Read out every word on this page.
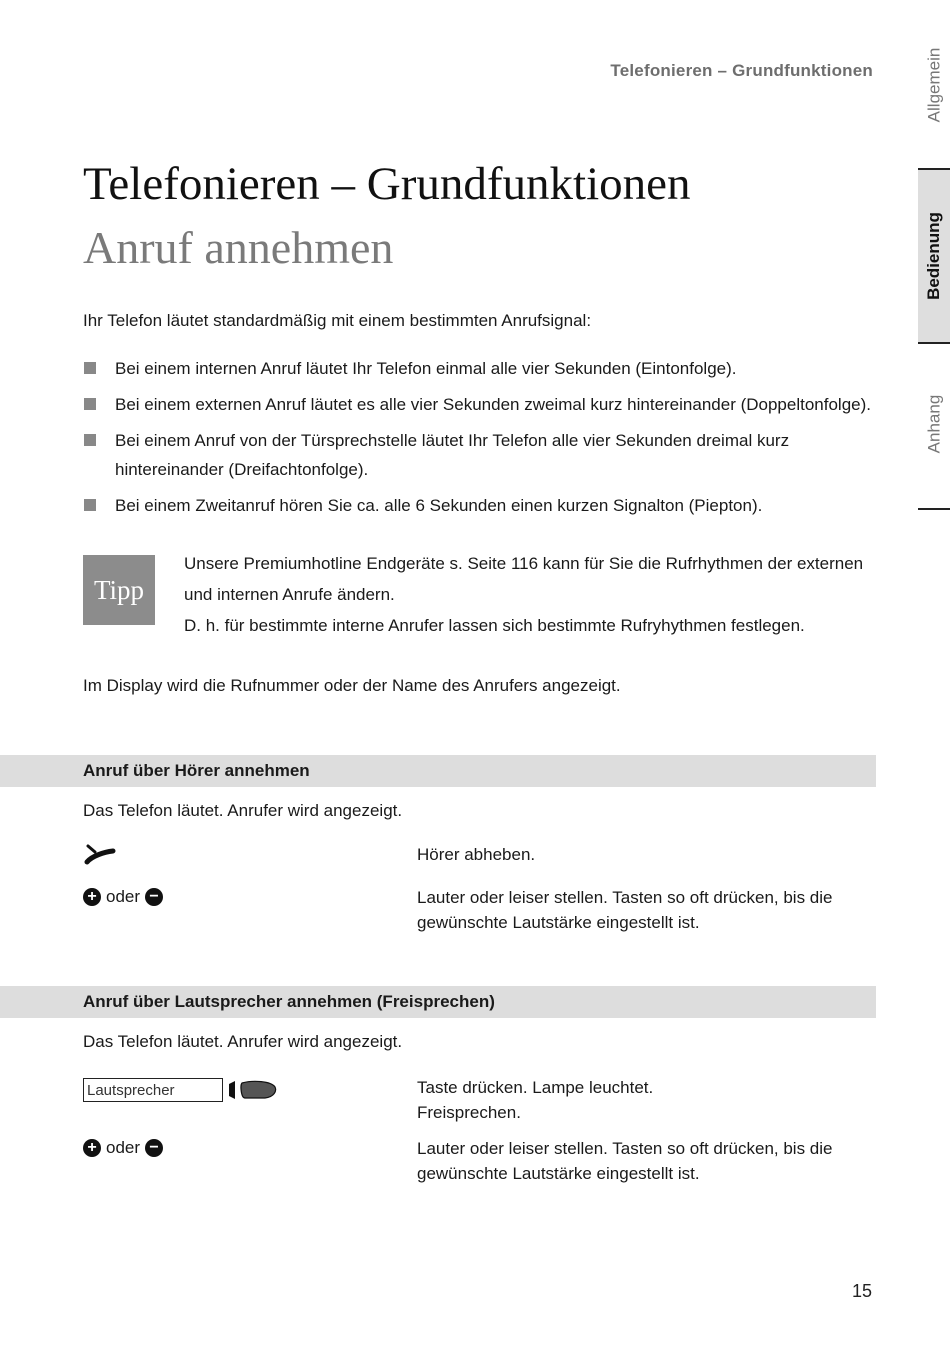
Telefonieren – Grundfunktionen	Allgemein
Bedienung
Anhang
Telefonieren – Grundfunktionen
Anruf annehmen
Ihr Telefon läutet standardmäßig mit einem bestimmten Anrufsignal:
Bei einem internen Anruf läutet Ihr Telefon einmal alle vier Sekunden (Eintonfolge).
Bei einem externen Anruf läutet es alle vier Sekunden zweimal kurz hintereinander (Doppeltonfolge).
Bei einem Anruf von der Türsprechstelle läutet Ihr Telefon alle vier Sekunden dreimal kurz hintereinander (Dreifachtonfolge).
Bei einem Zweitanruf hören Sie ca. alle 6 Sekunden einen kurzen Signalton (Piepton).
Tipp
Unsere Premiumhotline Endgeräte s. Seite 116 kann für Sie die Rufrhythmen der externen
und internen Anrufe ändern.
D. h. für bestimmte interne Anrufer lassen sich bestimmte Rufryhythmen festlegen.
Im Display wird die Rufnummer oder der Name des Anrufers angezeigt.
Anruf über Hörer annehmen
Das Telefon läutet. Anrufer wird angezeigt.
Hörer abheben.
+ oder −	Lauter oder leiser stellen. Tasten so oft drücken, bis die gewünschte Lautstärke eingestellt ist.
Anruf über Lautsprecher annehmen (Freisprechen)
Das Telefon läutet. Anrufer wird angezeigt.
Lautsprecher	Taste drücken. Lampe leuchtet.
Freisprechen.
+ oder −	Lauter oder leiser stellen. Tasten so oft drücken, bis die gewünschte Lautstärke eingestellt ist.
15
